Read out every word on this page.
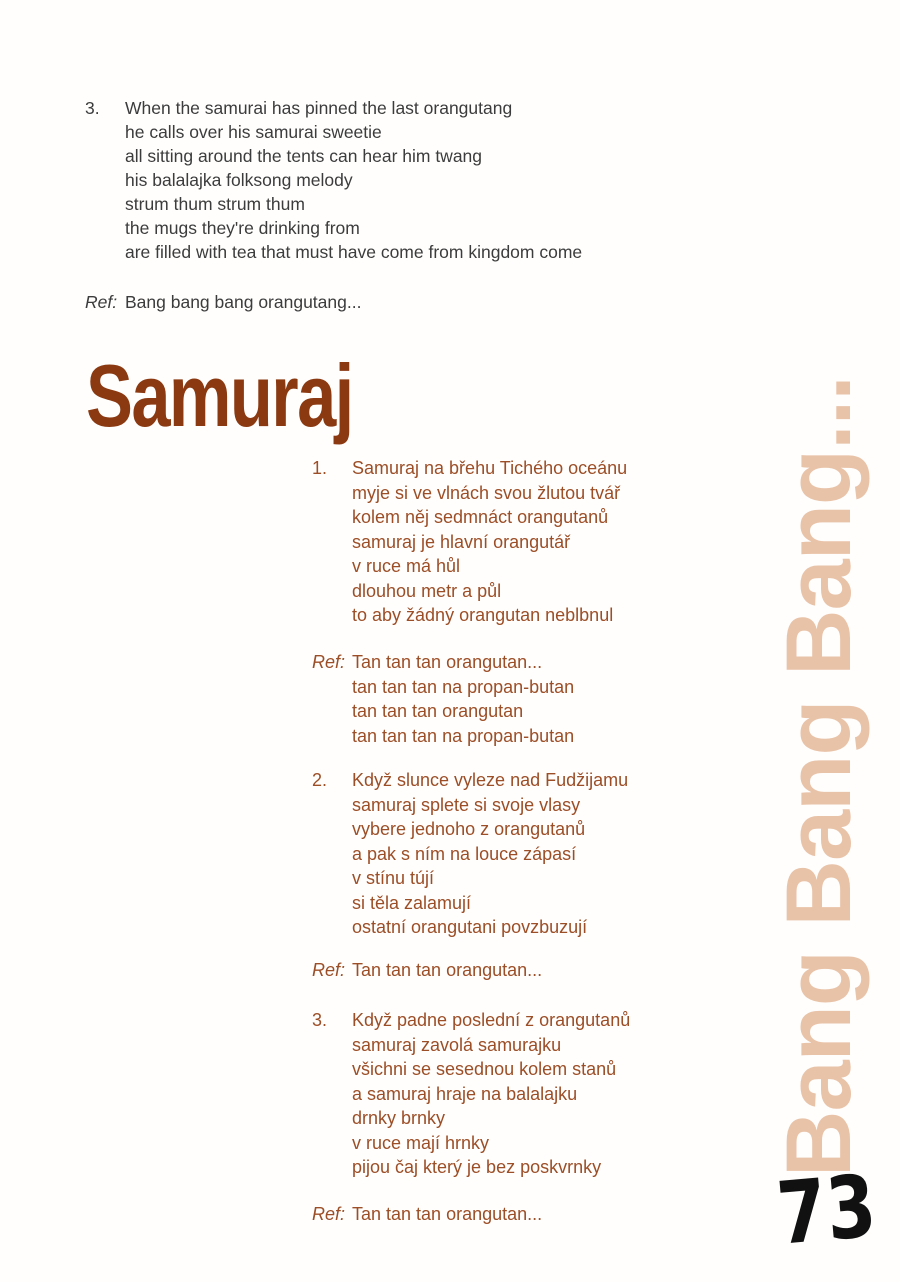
3.	When the samurai has pinned the last orangutang
he calls over his samurai sweetie
all sitting around the tents can hear him twang
his balalajka folksong melody
strum thum strum thum
the mugs they're drinking from
are filled with tea that must have come from kingdom come
Ref: Bang bang bang orangutang...
Samuraj
1.	Samuraj na břehu Tichého oceánu
myje si ve vlnách svou žlutou tvář
kolem něj sedmnáct orangutanů
samuraj je hlavní orangutář
v ruce má hůl
dlouhou metr a půl
to aby žádný orangutan neblbnul
Ref: Tan tan tan orangutan...
tan tan tan na propan-butan
tan tan tan orangutan
tan tan tan na propan-butan
2.	Když slunce vyleze nad Fudžijamu
samuraj splete si svoje vlasy
vybere jednoho z orangutanů
a pak s ním na louce zápasí
v stínu tújí
si těla zalamují
ostatní orangutani povzbuzují
Ref: Tan tan tan orangutan...
3.	Když padne poslední z orangutanů
samuraj zavolá samurajku
všichni se sesednou kolem stanů
a samuraj hraje na balalajku
drnky brnky
v ruce mají hrnky
pijou čaj který je bez poskvrnky
Ref: Tan tan tan orangutan...
Bang Bang Bang...
73
